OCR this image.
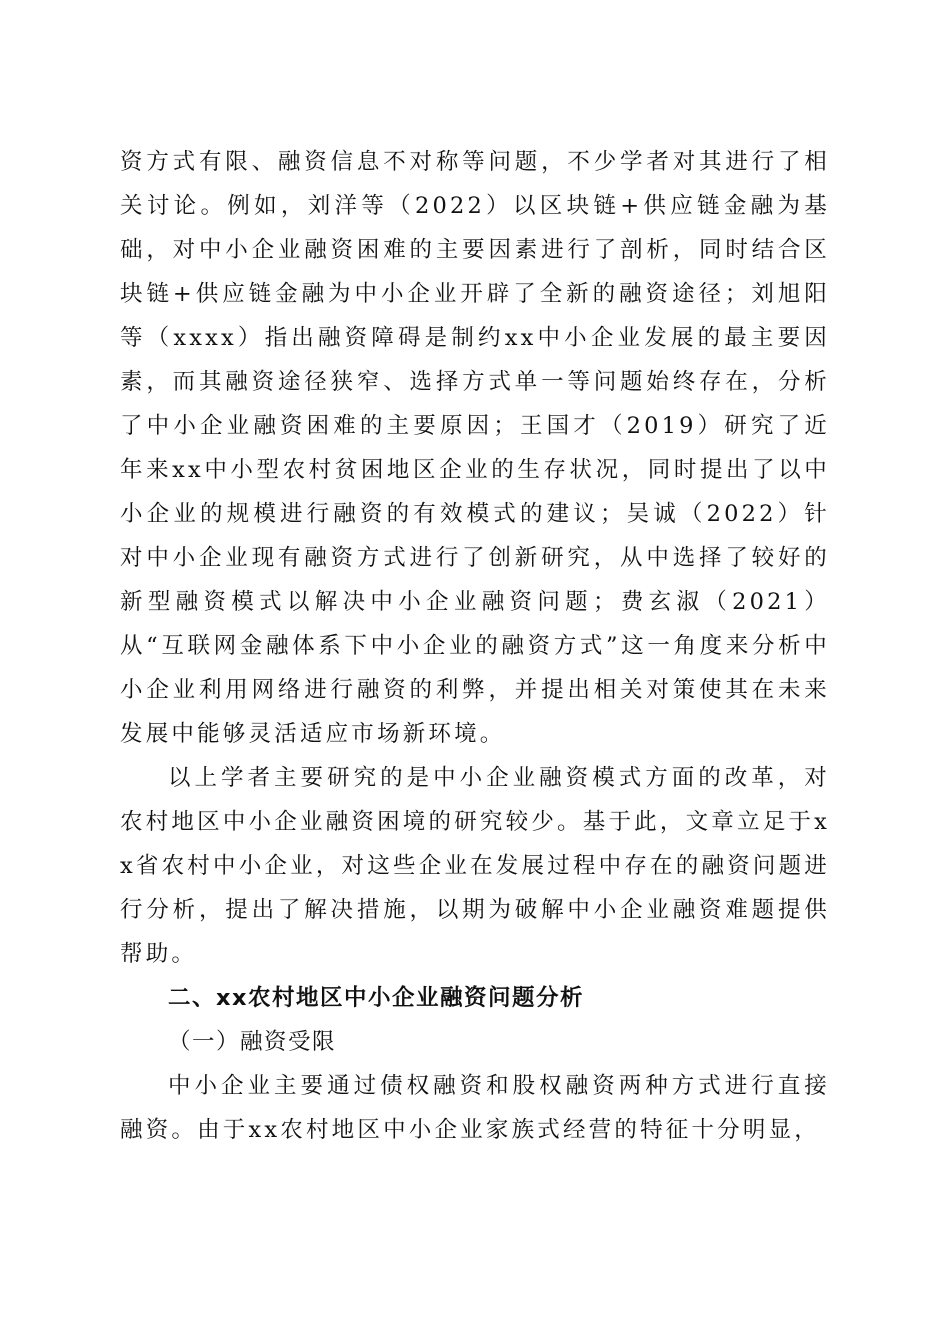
资方式有限、融资信息不对称等问题，不少学者对其进行了相关讨论。例如，刘洋等（2022）以区块链+供应链金融为基础，对中小企业融资困难的主要因素进行了剖析，同时结合区块链+供应链金融为中小企业开辟了全新的融资途径；刘旭阳等（xxxx）指出融资障碍是制约xx中小企业发展的最主要因素，而其融资途径狭窄、选择方式单一等问题始终存在，分析了中小企业融资困难的主要原因；王国才（2019）研究了近年来xx中小型农村贫困地区企业的生存状况，同时提出了以中小企业的规模进行融资的有效模式的建议；吴诚（2022）针对中小企业现有融资方式进行了创新研究，从中选择了较好的新型融资模式以解决中小企业融资问题；费玄淑（2021）从“互联网金融体系下中小企业的融资方式”这一角度来分析中小企业利用网络进行融资的利弊，并提出相关对策使其在未来发展中能够灵活适应市场新环境。

以上学者主要研究的是中小企业融资模式方面的改革，对农村地区中小企业融资困境的研究较少。基于此，文章立足于xx省农村中小企业，对这些企业在发展过程中存在的融资问题进行分析，提出了解决措施，以期为破解中小企业融资难题提供帮助。

二、xx农村地区中小企业融资问题分析

（一）融资受限

中小企业主要通过债权融资和股权融资两种方式进行直接融资。由于xx农村地区中小企业家族式经营的特征十分明显，
